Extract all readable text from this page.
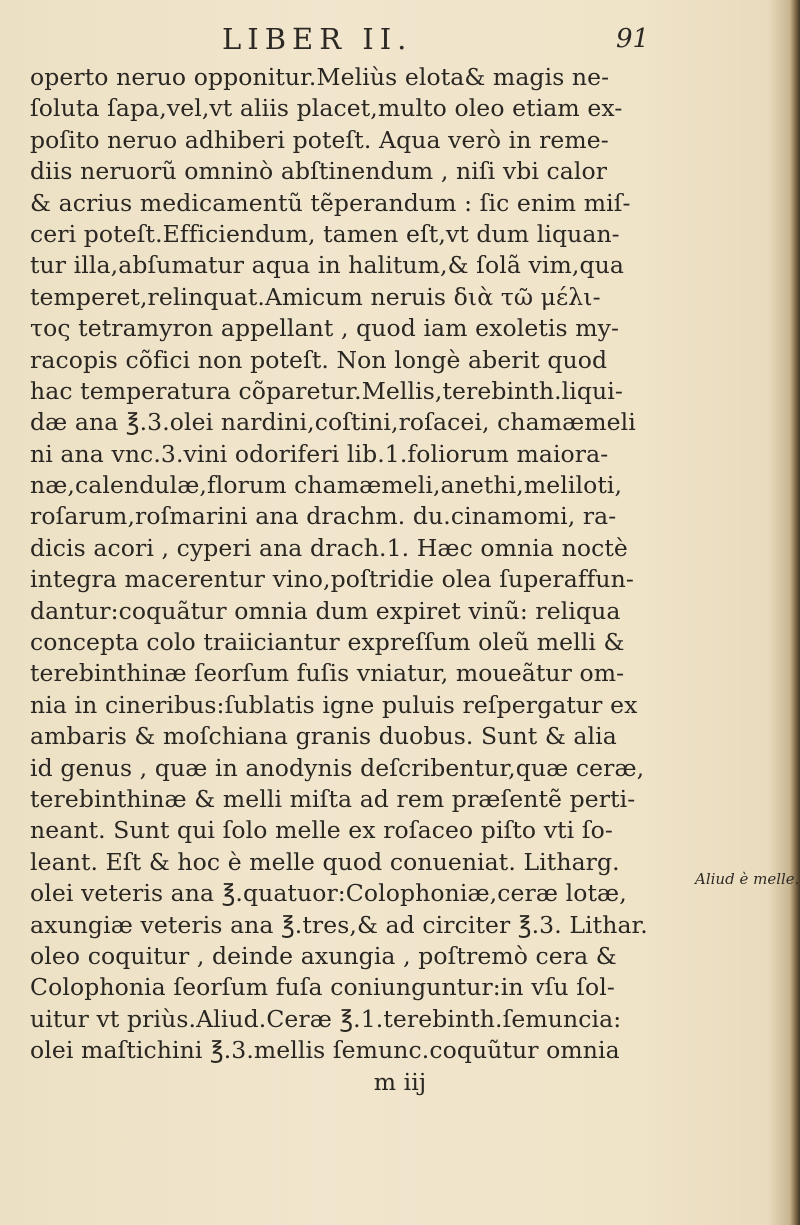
LIBER II.	91
operto neruo opponitur.Meliùs elota& magis ne-
ſoluta ſapa,vel,vt aliis placet,multo oleo etiam ex-
poſito neruo adhiberi poteſt. Aqua verò in reme-
diis neruorũ omninò abſtinendum , niſi vbi calor
& acrius medicamentũ tẽperandum : ſic enim miſ-
ceri poteſt.Efficiendum, tamen eſt,vt dum liquan-
tur illa,abſumatur aqua in halitum,& ſolã vim,qua
temperet,relinquat.Amicum neruis διὰ τῶ μέλι-
τος tetramyron appellant , quod iam exoletis my-
racopis cõfici non poteſt. Non longè aberit quod
hac temperatura cõparetur.Mellis,terebinth.liqui-
dæ ana ℥.3.olei nardini,coſtini,roſacei, chamæmeli
ni ana vnc.3.vini odoriferi lib.1.foliorum maiora-
næ,calendulæ,florum chamæmeli,anethi,meliloti,
roſarum,roſmarini ana drachm. du.cinamomi, ra-
dicis acori , cyperi ana drach.1. Hæc omnia noctè
integra macerentur vino,poſtridie olea ſuperaffun-
dantur:coquãtur omnia dum expiret vinũ: reliqua
concepta colo traiiciantur expreſſum oleũ melli &
terebinthinæ ſeorſum fuſis vniatur, moueãtur om-
nia in cineribus:ſublatis igne puluis reſpergatur ex
ambaris & moſchiana granis duobus. Sunt & alia
id genus , quæ in anodynis deſcribentur,quæ ceræ,
terebinthinæ & melli miſta ad rem præſentẽ perti-
neant. Sunt qui ſolo melle ex roſaceo piſto vti ſo-
leant. Eſt & hoc è melle quod conueniat. Litharg.
olei veteris ana ℥.quatuor:Colophoniæ,ceræ lotæ,
axungiæ veteris ana ℥.tres,& ad circiter ℥.3. Lithar.
oleo coquitur , deinde axungia , poſtremò cera &
Colophonia ſeorſum fuſa coniunguntur:in vſu ſol-
uitur vt priùs.Aliud.Ceræ ℥.1.terebinth.ſemuncia:
olei maſtichini ℥.3.mellis ſemunc.coquũtur omnia
m iij
Aliud è melle.
